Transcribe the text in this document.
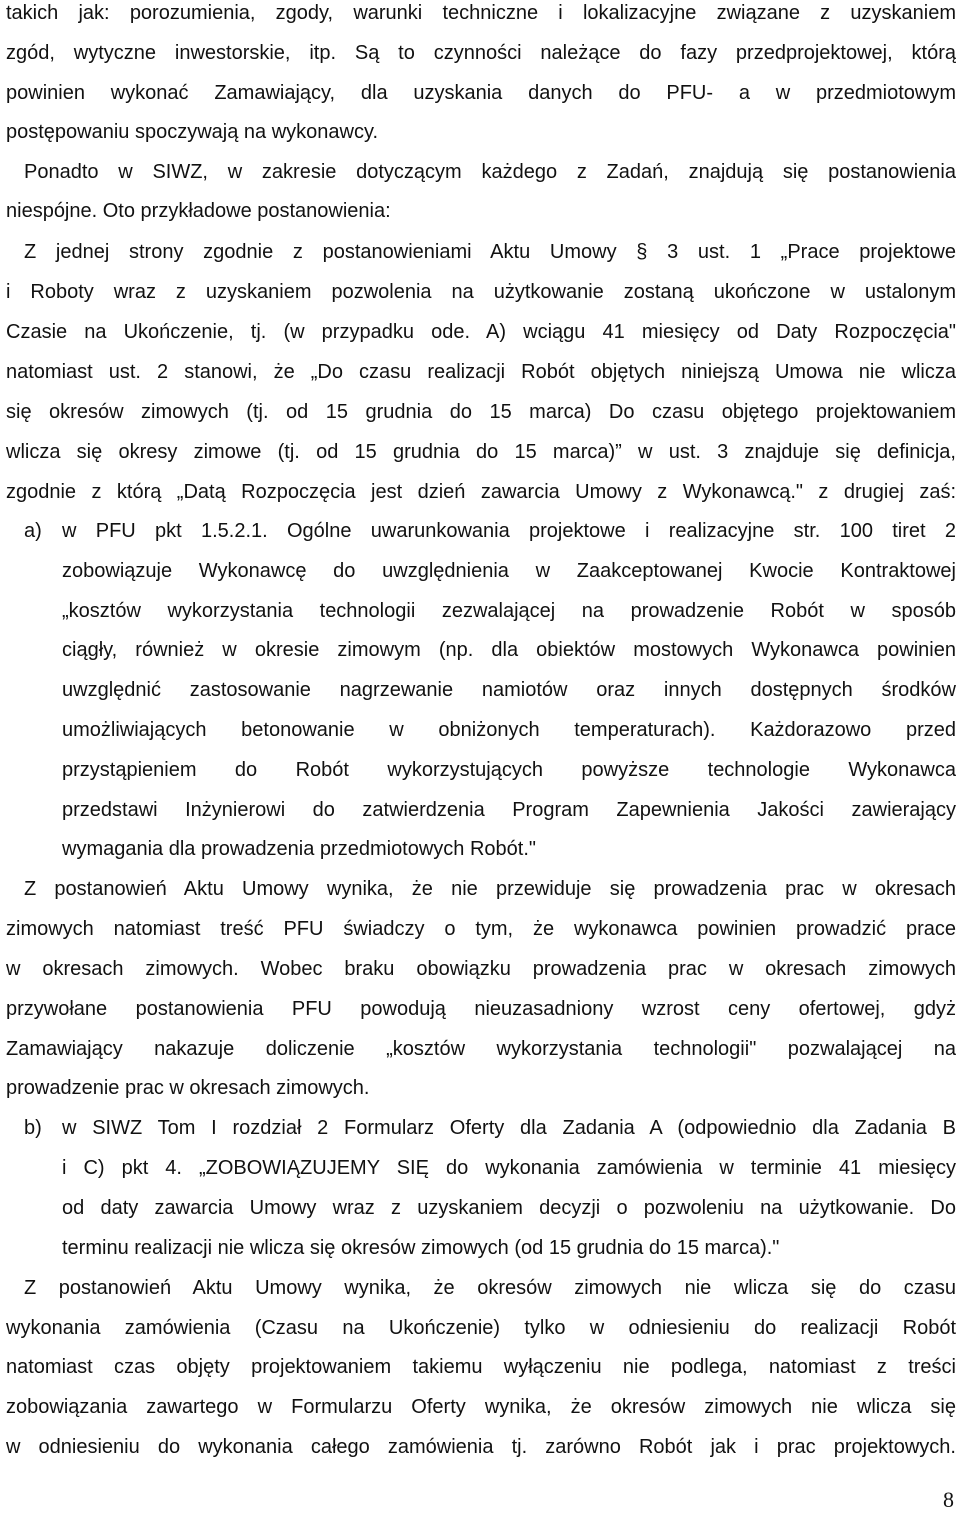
takich jak: porozumienia, zgody, warunki techniczne i lokalizacyjne związane z uzyskaniem
zgód, wytyczne inwestorskie, itp. Są to czynności należące do fazy przedprojektowej, którą
powinien wykonać Zamawiający, dla uzyskania danych do PFU- a w przedmiotowym
postępowaniu spoczywają na wykonawcy.
Ponadto w SIWZ, w zakresie dotyczącym każdego z Zadań, znajdują się postanowienia
niespójne. Oto przykładowe postanowienia:
Z jednej strony zgodnie z postanowieniami Aktu Umowy § 3 ust. 1 „Prace projektowe
i Roboty wraz z uzyskaniem pozwolenia na użytkowanie zostaną ukończone w ustalonym
Czasie na Ukończenie, tj. (w przypadku ode. A) wciągu 41 miesięcy od Daty Rozpoczęcia"
natomiast ust. 2 stanowi, że „Do czasu realizacji Robót objętych niniejszą Umowa nie wlicza
się okresów zimowych (tj. od 15 grudnia do 15 marca) Do czasu objętego projektowaniem
wlicza się okresy zimowe (tj. od 15 grudnia do 15 marca)” w ust. 3 znajduje się definicja,
zgodnie z którą „Datą Rozpoczęcia jest dzień zawarcia Umowy z Wykonawcą." z drugiej zaś:
a) w PFU pkt 1.5.2.1. Ogólne uwarunkowania projektowe i realizacyjne str. 100 tiret 2
zobowiązuje Wykonawcę do uwzględnienia w Zaakceptowanej Kwocie Kontraktowej
„kosztów wykorzystania technologii zezwalającej na prowadzenie Robót w sposób
ciągły, również w okresie zimowym (np. dla obiektów mostowych Wykonawca powinien
uwzględnić zastosowanie nagrzewanie namiotów oraz innych dostępnych środków
umożliwiających betonowanie w obniżonych temperaturach). Każdorazowo przed
przystąpieniem do Robót wykorzystujących powyższe technologie Wykonawca
przedstawi Inżynierowi do zatwierdzenia Program Zapewnienia Jakości zawierający
wymagania dla prowadzenia przedmiotowych Robót."
Z postanowień Aktu Umowy wynika, że nie przewiduje się prowadzenia prac w okresach
zimowych natomiast treść PFU świadczy o tym, że wykonawca powinien prowadzić prace
w okresach zimowych. Wobec braku obowiązku prowadzenia prac w okresach zimowych
przywołane postanowienia PFU powodują nieuzasadniony wzrost ceny ofertowej, gdyż
Zamawiający nakazuje doliczenie „kosztów wykorzystania technologii" pozwalającej na
prowadzenie prac w okresach zimowych.
b) w SIWZ Tom I rozdział 2 Formularz Oferty dla Zadania A (odpowiednio dla Zadania B
i C) pkt 4. „ZOBOWIĄZUJEMY SIĘ do wykonania zamówienia w terminie 41 miesięcy
od daty zawarcia Umowy wraz z uzyskaniem decyzji o pozwoleniu na użytkowanie. Do
terminu realizacji nie wlicza się okresów zimowych (od 15 grudnia do 15 marca)."
Z postanowień Aktu Umowy wynika, że okresów zimowych nie wlicza się do czasu
wykonania zamówienia (Czasu na Ukończenie) tylko w odniesieniu do realizacji Robót
natomiast czas objęty projektowaniem takiemu wyłączeniu nie podlega, natomiast z treści
zobowiązania zawartego w Formularzu Oferty wynika, że okresów zimowych nie wlicza się
w odniesieniu do wykonania całego zamówienia tj. zarówno Robót jak i prac projektowych.
8
